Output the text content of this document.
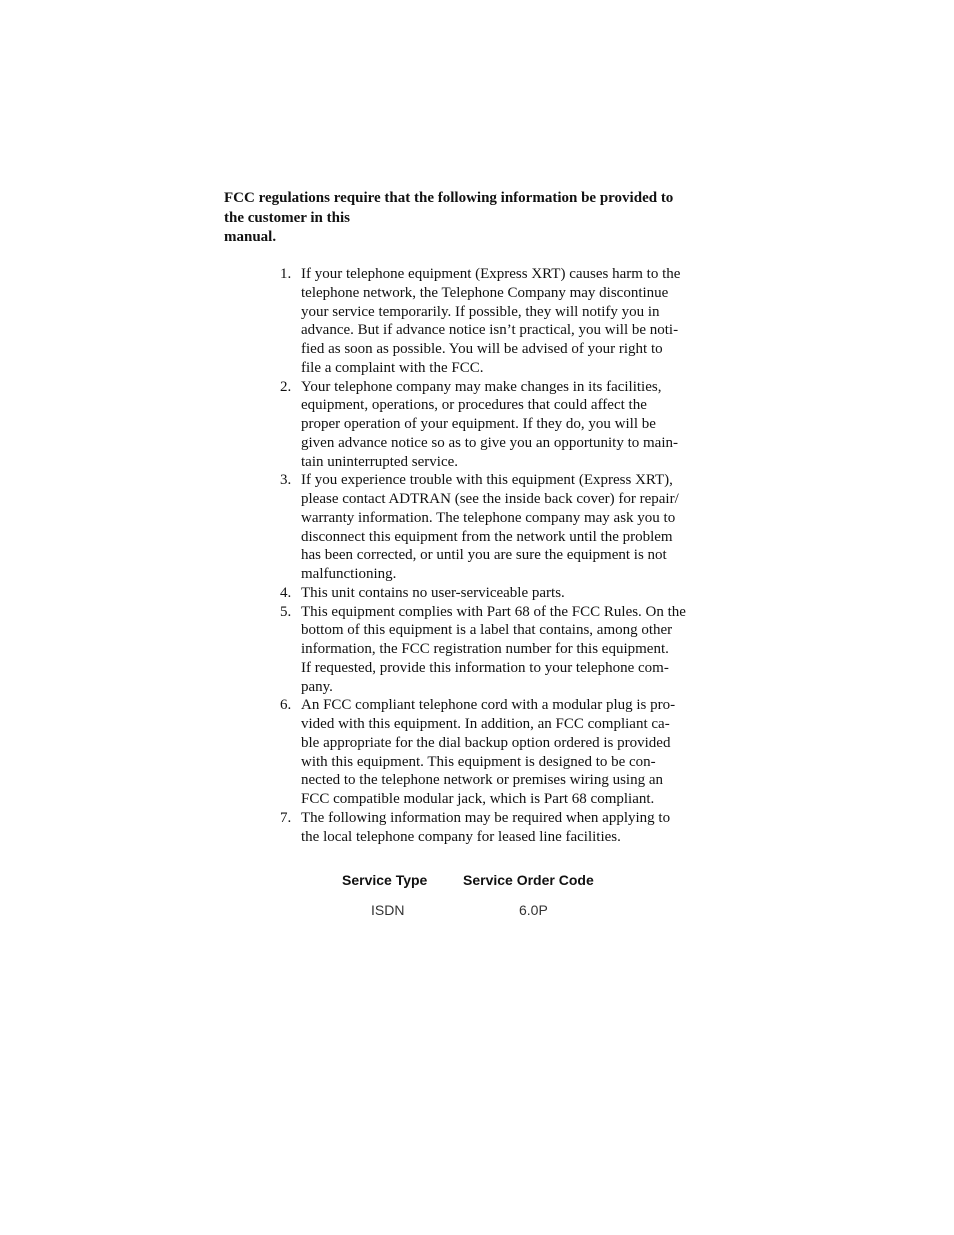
FCC regulations require that the following information be provided to
the customer in this
manual.
1. If your telephone equipment (Express XRT) causes harm to the
telephone network, the Telephone Company may discontinue
your service temporarily. If possible, they will notify you in
advance. But if advance notice isn’t practical, you will be noti-
fied as soon as possible. You will be advised of your right to
file a complaint with the FCC.
2. Your telephone company may make changes in its facilities,
equipment, operations, or procedures that could affect the
proper operation of your equipment. If they do, you will be
given advance notice so as to give you an opportunity to main-
tain uninterrupted service.
3. If you experience trouble with this equipment (Express XRT),
please contact ADTRAN (see the inside back cover) for repair/
warranty information. The telephone company may ask you to
disconnect this equipment from the network until the problem
has been corrected, or until you are sure the equipment is not
malfunctioning.
4. This unit contains no user-serviceable parts.
5. This equipment complies with Part 68 of the FCC Rules. On the
bottom of this equipment is a label that contains, among other
information, the FCC registration number for this equipment.
If requested, provide this information to your telephone com-
pany.
6. An FCC compliant telephone cord with a modular plug is pro-
vided with this equipment. In addition, an FCC compliant ca-
ble appropriate for the dial backup option ordered is provided
with this equipment. This equipment is designed to be con-
nected to the telephone network or premises wiring using an
FCC compatible modular jack, which is Part 68 compliant.
7. The following information may be required when applying to
the local telephone company for leased line facilities.
Service Type	Service Order Code
ISDN	6.0P
